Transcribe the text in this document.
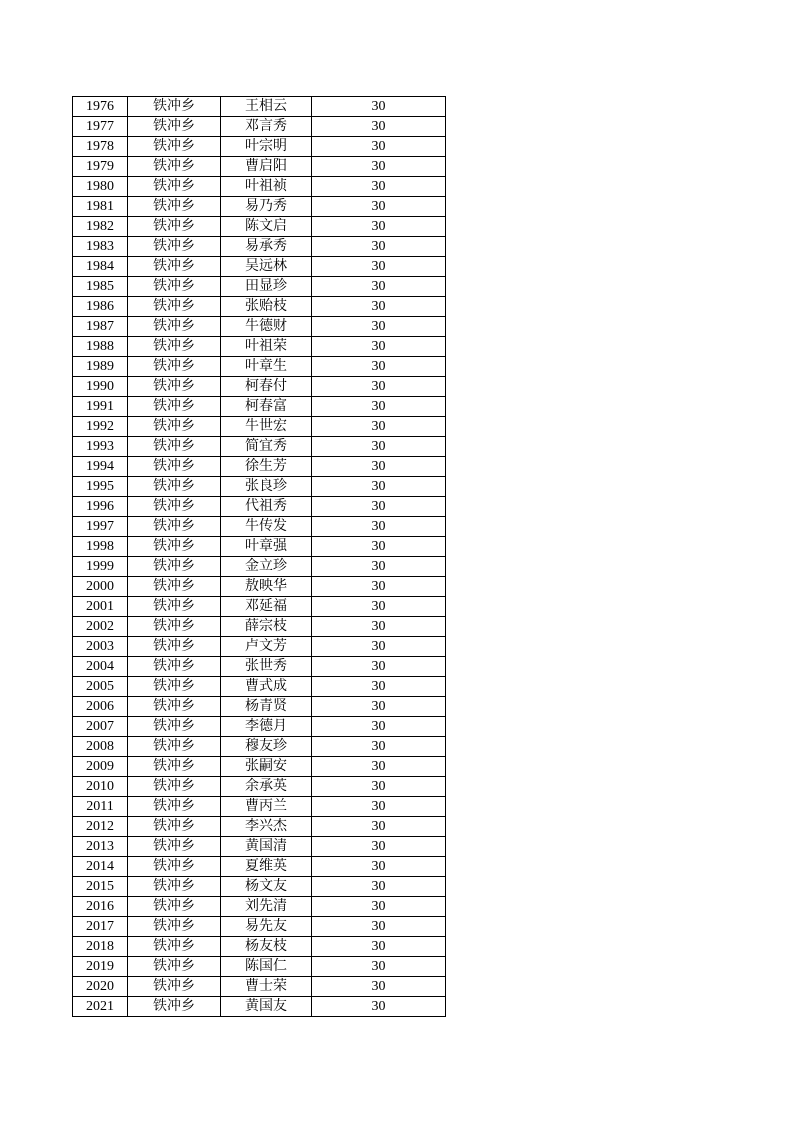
1976	铁冲乡	王相云	30
1977	铁冲乡	邓言秀	30
1978	铁冲乡	叶宗明	30
1979	铁冲乡	曹启阳	30
1980	铁冲乡	叶祖祯	30
1981	铁冲乡	易乃秀	30
1982	铁冲乡	陈文启	30
1983	铁冲乡	易承秀	30
1984	铁冲乡	吴远林	30
1985	铁冲乡	田显珍	30
1986	铁冲乡	张贻枝	30
1987	铁冲乡	牛德财	30
1988	铁冲乡	叶祖荣	30
1989	铁冲乡	叶章生	30
1990	铁冲乡	柯春付	30
1991	铁冲乡	柯春富	30
1992	铁冲乡	牛世宏	30
1993	铁冲乡	简宜秀	30
1994	铁冲乡	徐生芳	30
1995	铁冲乡	张良珍	30
1996	铁冲乡	代祖秀	30
1997	铁冲乡	牛传发	30
1998	铁冲乡	叶章强	30
1999	铁冲乡	金立珍	30
2000	铁冲乡	敖映华	30
2001	铁冲乡	邓延福	30
2002	铁冲乡	薛宗枝	30
2003	铁冲乡	卢文芳	30
2004	铁冲乡	张世秀	30
2005	铁冲乡	曹式成	30
2006	铁冲乡	杨青贤	30
2007	铁冲乡	李德月	30
2008	铁冲乡	穆友珍	30
2009	铁冲乡	张嗣安	30
2010	铁冲乡	余承英	30
2011	铁冲乡	曹丙兰	30
2012	铁冲乡	李兴杰	30
2013	铁冲乡	黄国清	30
2014	铁冲乡	夏维英	30
2015	铁冲乡	杨文友	30
2016	铁冲乡	刘先清	30
2017	铁冲乡	易先友	30
2018	铁冲乡	杨友枝	30
2019	铁冲乡	陈国仁	30
2020	铁冲乡	曹士荣	30
2021	铁冲乡	黄国友	30
